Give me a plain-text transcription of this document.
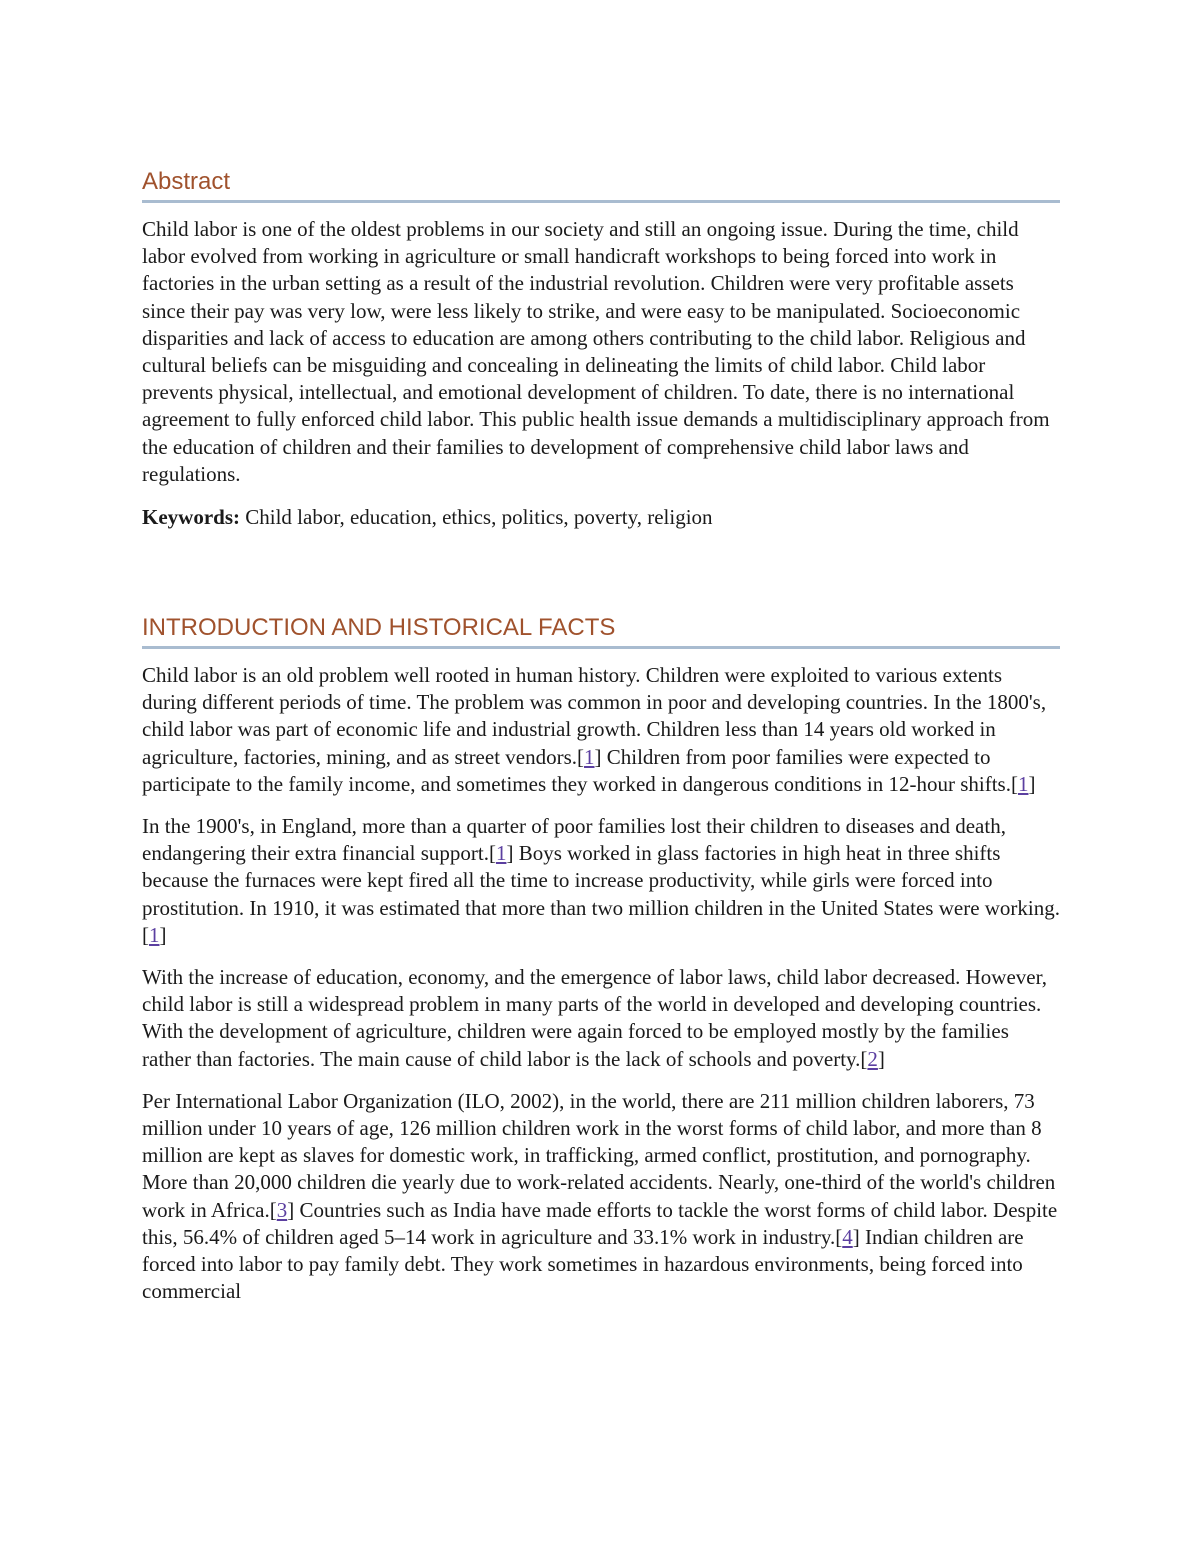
Abstract

Child labor is one of the oldest problems in our society and still an ongoing issue. During the time, child labor evolved from working in agriculture or small handicraft workshops to being forced into work in factories in the urban setting as a result of the industrial revolution. Children were very profitable assets since their pay was very low, were less likely to strike, and were easy to be manipulated. Socioeconomic disparities and lack of access to education are among others contributing to the child labor. Religious and cultural beliefs can be misguiding and concealing in delineating the limits of child labor. Child labor prevents physical, intellectual, and emotional development of children. To date, there is no international agreement to fully enforced child labor. This public health issue demands a multidisciplinary approach from the education of children and their families to development of comprehensive child labor laws and regulations.

Keywords: Child labor, education, ethics, politics, poverty, religion

INTRODUCTION AND HISTORICAL FACTS

Child labor is an old problem well rooted in human history. Children were exploited to various extents during different periods of time. The problem was common in poor and developing countries. In the 1800's, child labor was part of economic life and industrial growth. Children less than 14 years old worked in agriculture, factories, mining, and as street vendors.[1] Children from poor families were expected to participate to the family income, and sometimes they worked in dangerous conditions in 12-hour shifts.[1]

In the 1900's, in England, more than a quarter of poor families lost their children to diseases and death, endangering their extra financial support.[1] Boys worked in glass factories in high heat in three shifts because the furnaces were kept fired all the time to increase productivity, while girls were forced into prostitution. In 1910, it was estimated that more than two million children in the United States were working.[1]

With the increase of education, economy, and the emergence of labor laws, child labor decreased. However, child labor is still a widespread problem in many parts of the world in developed and developing countries. With the development of agriculture, children were again forced to be employed mostly by the families rather than factories. The main cause of child labor is the lack of schools and poverty.[2]

Per International Labor Organization (ILO, 2002), in the world, there are 211 million children laborers, 73 million under 10 years of age, 126 million children work in the worst forms of child labor, and more than 8 million are kept as slaves for domestic work, in trafficking, armed conflict, prostitution, and pornography. More than 20,000 children die yearly due to work-related accidents. Nearly, one-third of the world's children work in Africa.[3] Countries such as India have made efforts to tackle the worst forms of child labor. Despite this, 56.4% of children aged 5–14 work in agriculture and 33.1% work in industry.[4] Indian children are forced into labor to pay family debt. They work sometimes in hazardous environments, being forced into commercial
